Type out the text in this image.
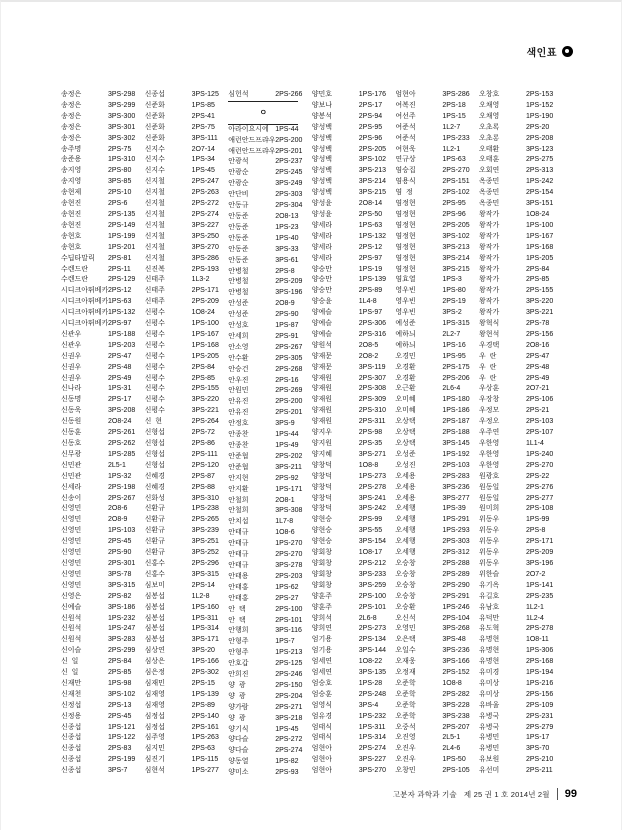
색인표
송정은	3PS-298
송정은	3PS-299
송정은	3PS-300
송정은	3PS-301
송정은	3PS-302
송주명	2PS-75
송준용	1PS-310
송지영	2PS-80
송지영	3PS-85
송현제	2PS-10
송현진	2PS-6
송현진	2PS-135
송현진	2PS-149
송현호	1PS-199
송현호	1PS-201
수딥타말릭	2PS-81
수렌드란	2PS-11
수렌드란	2PS-129
시디크아뛰베카 2PS-12
시디크아뛰베카 1PS-63
시디크아뛰베카 1PS-132
시디크아뛰베카 2PS-97
신관우	1PS-188
신관우	1PS-203
신권우	2PS-47
신권우	2PS-48
신권우	2PS-49
신나라	1PS-31
신동명	2PS-17
신동욱	3PS-208
신동원	2O8-24
신동훈	2PS-261
신동호	2PS-262
신무광	1PS-285
신민관	2L5-1
신민관	1PS-32
신세라	2PS-198
신송이	2PS-267
신영민	2O8-6
신영민	2O8-9
신영민	1PS-103
신영민	2PS-45
신영민	2PS-90
신영민	2PS-301
신영민	3PS-78
신영민	3PS-315
신영은	2PS-82
신예슬	3PS-186
신원석	1PS-232
신원석	1PS-247
신원석	3PS-283
신이슬	2PS-299
신  일	2PS-84
신  일	2PS-85
신재만	1PS-98
신재천	3PS-102
신정섭	2PS-13
신정용	2PS-45
신종섭	1PS-121
신종섭	1PS-122
신종섭	2PS-83
신종섭	2PS-199
신종섭	3PS-7
신종섭	3PS-125
신준화	1PS-85
신준화	2PS-41
신준화	2PS-75
신준화	3PS-111
신지수	2O7-14
신지수	1PS-34
신지수	1PS-45
신지철	2PS-247
신지철	2PS-263
신지철	2PS-272
신지철	2PS-274
신지철	3PS-227
신지철	3PS-250
신지철	3PS-270
신지철	3PS-286
신진복	2PS-193
신태주	1L3-2
신태주	2PS-171
신태주	2PS-209
신평수	1O8-24
신평수	1PS-100
신평수	1PS-167
신평수	1PS-168
신평수	1PS-205
신평수	2PS-84
신평수	2PS-85
신평수	2PS-155
신평수	3PS-220
신평수	3PS-221
신  현	2PS-264
신형섭	2PS-72
신형섭	2PS-86
신형섭	2PS-111
신형섭	2PS-120
신혜경	2PS-87
신혜경	2PS-88
신화성	3PS-310
신환규	1PS-238
신환규	2PS-265
신환규	3PS-239
신환규	3PS-251
신환규	3PS-252
신홍수	2PS-296
신홍수	3PS-315
심보미	2PS-14
심봉섭	1L2-8
심봉섭	1PS-160
심봉섭	1PS-311
심봉섭	1PS-314
심봉섭	3PS-171
심상연	3PS-20
심상은	1PS-166
심은정	2PS-302
심재민	2PS-15
심재영	1PS-139
심재영	2PS-89
심정섭	2PS-140
심정섭	2PS-161
심주영	1PS-263
심지민	2PS-63
심진기	1PS-115
심현석	1PS-277
심헌석	2PS-266
ㅇ
아라이요시에 1PS-44
애런안드프랴우 2PS-200
애런안드프랴우 2PS-201
안광석	2PS-237
안광순	2PS-245
안광순	3PS-249
안단비	2PS-303
안동규	2PS-304
안동준	2O8-13
안동준	1PS-23
안동준	1PS-40
안동준	3PS-33
안동준	3PS-61
안병철	2PS-8
안병철	2PS-209
안병철	3PS-196
안성준	2O8-9
안성준	2PS-90
안성호	1PS-87
안세희	2PS-91
안소영	2PS-267
안수환	2PS-305
안승건	2PS-268
안우진	2PS-16
안원민	2PS-269
안유진	2PS-200
안유진	2PS-201
안정호	3PS-9
안종찬	1PS-44
안종찬	1PS-49
안준협	2PS-202
안준협	3PS-211
안지현	2PS-92
안지환	1PS-171
안철희	2O8-1
안철희	3PS-308
안치섭	1L7-8
안태규	1O8-6
안태규	1PS-270
안태규	2PS-270
안태규	3PS-278
안태용	2PS-203
안태홍	1PS-62
안태홍	2PS-27
안  택	2PS-100
안  택	2PS-101
안행희	3PS-116
안형주	1PS-7
안형주	1PS-213
안호갑	2PS-125
안희진	2PS-246
양  광	2PS-150
양  광	2PS-204
양가람	2PS-271
양  광	3PS-218
양기식	1PS-45
양다슬	2PS-272
양다슬	2PS-274
양동열	1PS-82
양미소	2PS-93
양민호	1PS-176
양보나	2PS-17
양봉석	2PS-94
양성백	2PS-95
양성백	2PS-96
양성백	2PS-205
양성백	3PS-102
양성백	3PS-213
양성백	3PS-214
양성백	3PS-215
양성윤	2O8-14
양성윤	2PS-50
양세라	1PS-63
양세라	1PS-132
양세라	2PS-12
양세라	2PS-97
양승만	1PS-19
양승만	1PS-139
양승만	2PS-89
양승윤	1L4-8
양예슬	1PS-97
양예슬	2PS-306
양예슬	2PS-316
양원석	2O8-5
양재문	2O8-2
양재문	3PS-119
양재원	2PS-307
양재원	2PS-308
양재원	2PS-309
양재원	2PS-310
양재원	2PS-311
양지우	2PS-98
양지원	2PS-35
양지혜	3PS-271
양창덕	1O8-8
양창덕	1PS-273
양창덕	2PS-278
양창덕	3PS-241
양창덕	3PS-242
양현승	2PS-99
양현승	3PS-55
양현승	3PS-154
양회창	1O8-17
양회창	2PS-212
양회창	3PS-233
양회창	3PS-259
양훈주	2PS-100
양훈주	2PS-101
양희석	2L6-8
양희연	2PS-273
엄기용	2PS-134
엄기용	3PS-144
엄세연	1O8-22
엄세연	3PS-135
엄승호	1PS-28
엄승훈	2PS-248
엄영식	3PS-4
엄유경	1PS-232
엄태식	1PS-311
엄태식	1PS-314
엄현아	2PS-274
엄현아	3PS-227
엄현아	3PS-270
엄현아	3PS-286
여복진	2PS-18
여선주	1PS-15
여준석	1L2-7
여준석	1PS-233
여현욱	1L2-1
연규상	1PS-63
염승집	2PS-270
염용식	2PS-151
염  정	2PS-102
염정현	2PS-95
염정현	2PS-96
염정현	2PS-205
염정현	3PS-102
염정현	3PS-213
염정현	3PS-214
염정현	3PS-215
염효열	1PS-3
영우빈	1PS-80
영우빈	2PS-19
영우빈	3PS-2
예성준	1PS-315
예하늬	2L2-7
예하늬	1PS-16
오경민	1PS-95
오경환	2PS-175
오경환	2PS-206
오근환	2L6-4
오미혜	1PS-180
오미혜	1PS-186
오상택	2PS-187
오상택	2PS-188
오상택	3PS-145
오성준	1PS-192
오성진	2PS-103
오세용	2PS-283
오세용	3PS-236
오세용	3PS-277
오세행	1PS-39
오세행	1PS-291
오세행	1PS-293
오세행	2PS-303
오세행	2PS-312
오승창	2PS-288
오승창	2PS-289
오승창	2PS-290
오승창	2PS-291
오승환	1PS-246
오신석	2PS-104
오영민	3PS-268
오은택	3PS-48
오일수	3PS-236
오재웅	3PS-166
오정재	2PS-152
오준학	1O8-8
오준학	2PS-282
오준학	3PS-228
오준학	3PS-238
오중석	2PS-207
오진영	2L5-1
오진우	2L4-6
오진우	1PS-50
오창민	2PS-105
오창호	2PS-153
오채영	1PS-152
오채영	1PS-190
오초록	2PS-20
오초롱	2PS-208
오태환	3PS-123
오태훈	2PS-275
오회연	2PS-313
옥종민	1PS-242
옥종민	2PS-154
옥종민	3PS-151
왕작가	1O8-24
왕작가	1PS-100
왕작가	1PS-167
왕작가	1PS-168
왕작가	1PS-205
왕작가	2PS-84
왕작가	2PS-85
왕작가	2PS-155
왕작가	3PS-220
왕작가	3PS-221
왕혁식	2PS-78
왕현석	2PS-156
우경택	2O8-16
우  란	2PS-47
우  란	2PS-48
우  란	2PS-49
우상훈	2O7-21
우장창	2PS-106
우정모	2PS-21
우정오	2PS-103
우주연	2PS-107
우한영	1L1-4
우한영	1PS-240
우한영	2PS-270
원광호	2PS-22
원동일	2PS-276
원동일	2PS-277
원미희	2PS-108
위동우	1PS-99
위동우	2PS-8
위동우	2PS-171
위동우	2PS-209
위동우	3PS-196
위한슬	2O7-2
유기옥	1PS-141
유길호	2PS-235
유남호	1L2-1
유덕만	1L2-4
유도혁	2PS-278
유명현	1O8-11
유명현	1PS-306
유명현	2PS-168
유미경	1PS-194
유미상	1PS-216
유미상	2PS-156
유바울	2PS-109
유병국	2PS-231
유병국	2PS-279
유병민	1PS-17
유병민	3PS-70
유보원	2PS-210
유선미	2PS-211
고분자 과학과 기술 제 25 권 1 호 2014년 2월 99
